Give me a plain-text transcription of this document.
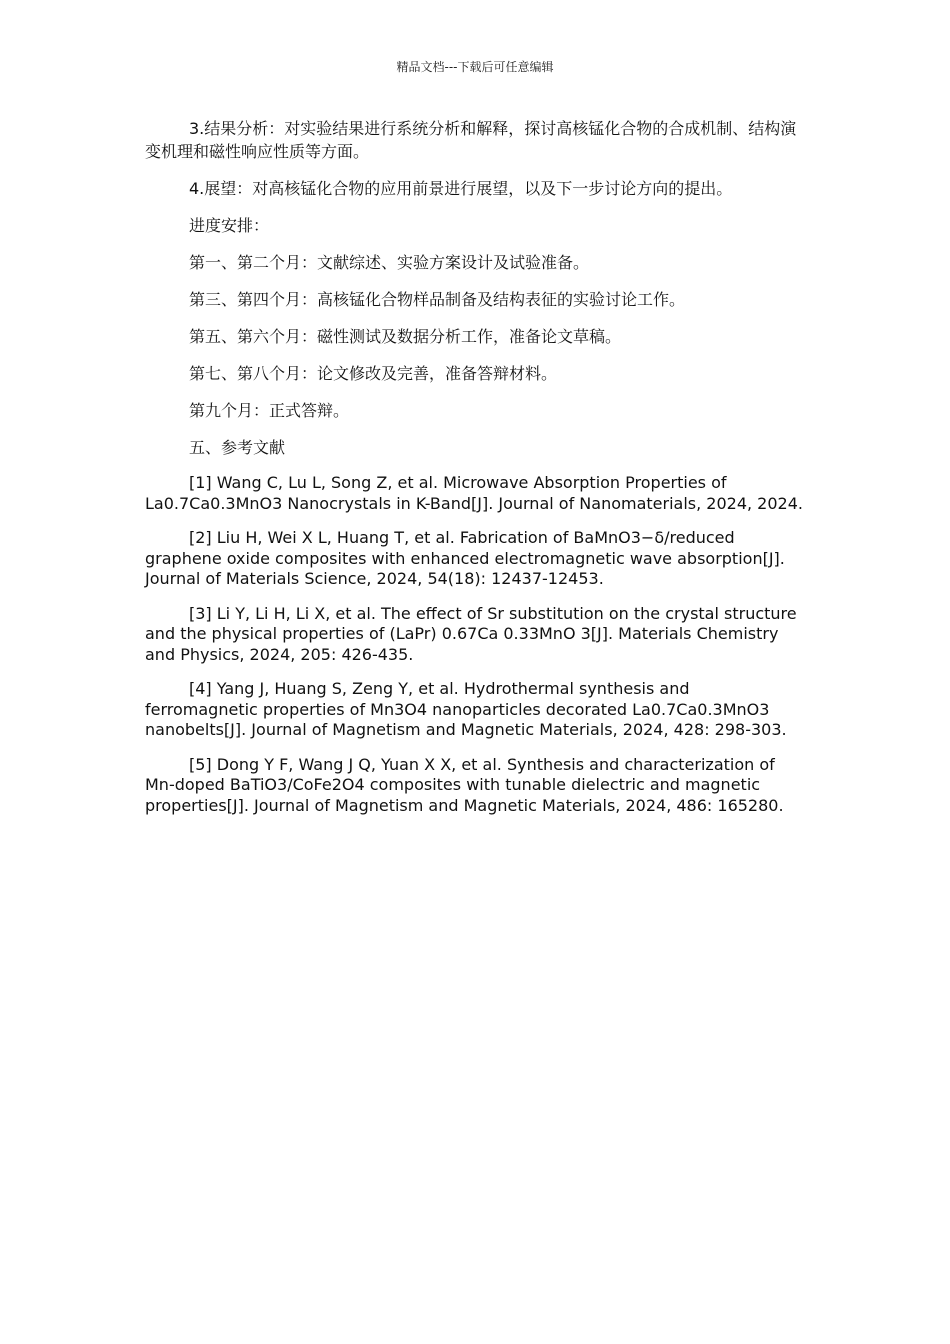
精品文档---下载后可任意编辑

3.结果分析：对实验结果进行系统分析和解释，探讨高核锰化合物的合成机制、结构演变机理和磁性响应性质等方面。

4.展望：对高核锰化合物的应用前景进行展望，以及下一步讨论方向的提出。

进度安排：

第一、第二个月：文献综述、实验方案设计及试验准备。

第三、第四个月：高核锰化合物样品制备及结构表征的实验讨论工作。

第五、第六个月：磁性测试及数据分析工作，准备论文草稿。

第七、第八个月：论文修改及完善，准备答辩材料。

第九个月：正式答辩。

五、参考文献

[1] Wang C, Lu L, Song Z, et al. Microwave Absorption Properties of La0.7Ca0.3MnO3 Nanocrystals in K-Band[J]. Journal of Nanomaterials, 2024, 2024.

[2] Liu H, Wei X L, Huang T, et al. Fabrication of BaMnO3−δ/reduced graphene oxide composites with enhanced electromagnetic wave absorption[J]. Journal of Materials Science, 2024, 54(18): 12437-12453.

[3] Li Y, Li H, Li X, et al. The effect of Sr substitution on the crystal structure and the physical properties of (LaPr) 0.67Ca 0.33MnO 3[J]. Materials Chemistry and Physics, 2024, 205: 426-435.

[4] Yang J, Huang S, Zeng Y, et al. Hydrothermal synthesis and ferromagnetic properties of Mn3O4 nanoparticles decorated La0.7Ca0.3MnO3 nanobelts[J]. Journal of Magnetism and Magnetic Materials, 2024, 428: 298-303.

[5] Dong Y F, Wang J Q, Yuan X X, et al. Synthesis and characterization of Mn-doped BaTiO3/CoFe2O4 composites with tunable dielectric and magnetic properties[J]. Journal of Magnetism and Magnetic Materials, 2024, 486: 165280.
